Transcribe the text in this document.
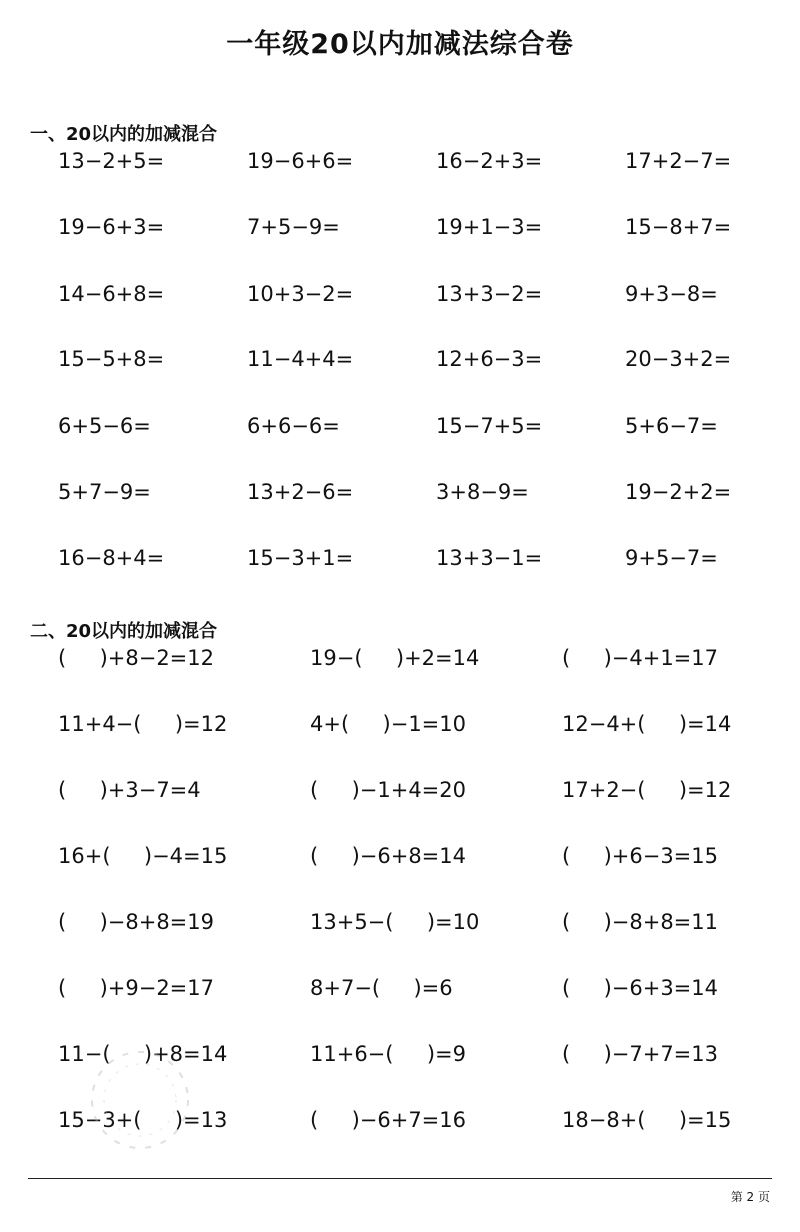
一年级20以内加减法综合卷
一、20以内的加减混合
13−2+5=	19−6+6=	16−2+3=	17+2−7=
19−6+3=	7+5−9=	19+1−3=	15−8+7=
14−6+8=	10+3−2=	13+3−2=	9+3−8=
15−5+8=	11−4+4=	12+6−3=	20−3+2=
6+5−6=	6+6−6=	15−7+5=	5+6−7=
5+7−9=	13+2−6=	3+8−9=	19−2+2=
16−8+4=	15−3+1=	13+3−1=	9+5−7=
二、20以内的加减混合
(     )+8−2=12	19−(     )+2=14	(     )−4+1=17
11+4−(     )=12	4+(     )−1=10	12−4+(     )=14
(     )+3−7=4	(     )−1+4=20	17+2−(     )=12
16+(     )−4=15	(     )−6+8=14	(     )+6−3=15
(     )−8+8=19	13+5−(     )=10	(     )−8+8=11
(     )+9−2=17	8+7−(     )=6	(     )−6+3=14
11−(     )+8=14	11+6−(     )=9	(     )−7+7=13
15−3+(     )=13	(     )−6+7=16	18−8+(     )=15
第 2 页
